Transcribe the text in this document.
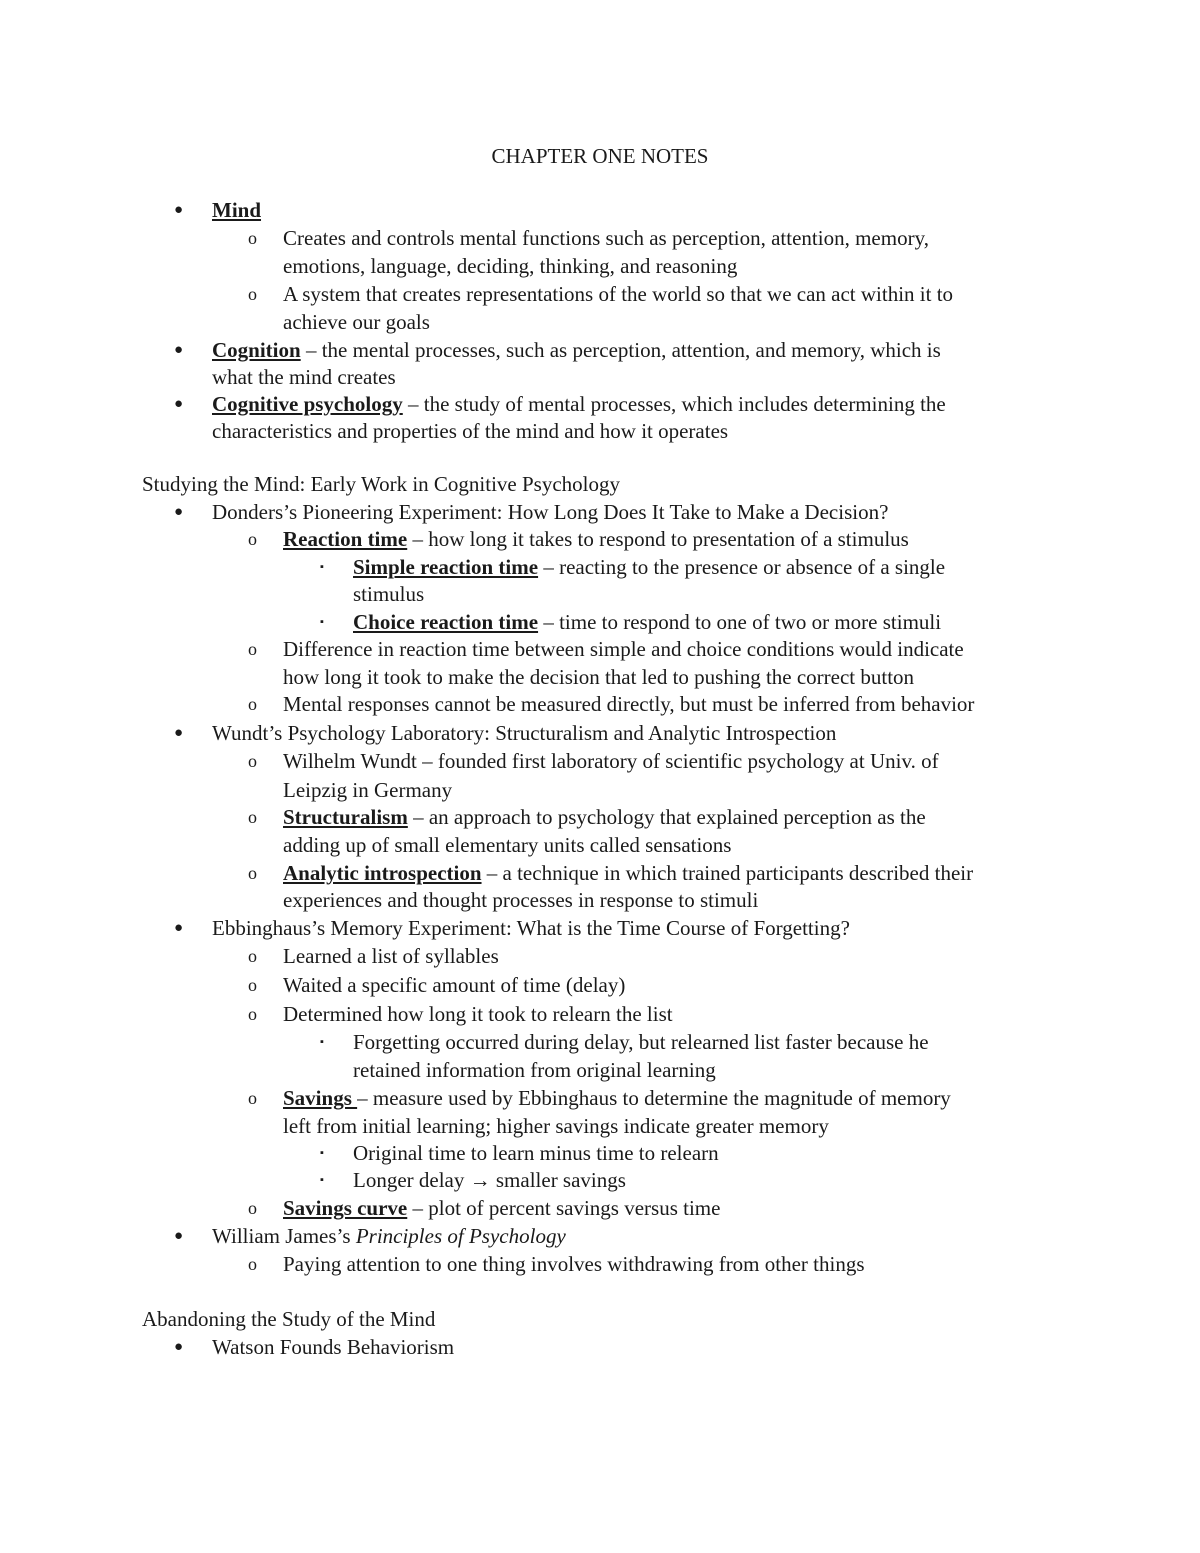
CHAPTER ONE NOTES
● Mind
o Creates and controls mental functions such as perception, attention, memory,
emotions, language, deciding, thinking, and reasoning
o A system that creates representations of the world so that we can act within it to
achieve our goals
● Cognition – the mental processes, such as perception, attention, and memory, which is
what the mind creates
● Cognitive psychology – the study of mental processes, which includes determining the
characteristics and properties of the mind and how it operates
Studying the Mind: Early Work in Cognitive Psychology
● Donders’s Pioneering Experiment: How Long Does It Take to Make a Decision?
o Reaction time – how long it takes to respond to presentation of a stimulus
▪ Simple reaction time – reacting to the presence or absence of a single
stimulus
▪ Choice reaction time – time to respond to one of two or more stimuli
o Difference in reaction time between simple and choice conditions would indicate
how long it took to make the decision that led to pushing the correct button
o Mental responses cannot be measured directly, but must be inferred from behavior
● Wundt’s Psychology Laboratory: Structuralism and Analytic Introspection
o Wilhelm Wundt – founded first laboratory of scientific psychology at Univ. of
Leipzig in Germany
o Structuralism – an approach to psychology that explained perception as the
adding up of small elementary units called sensations
o Analytic introspection – a technique in which trained participants described their
experiences and thought processes in response to stimuli
● Ebbinghaus’s Memory Experiment: What is the Time Course of Forgetting?
o Learned a list of syllables
o Waited a specific amount of time (delay)
o Determined how long it took to relearn the list
▪ Forgetting occurred during delay, but relearned list faster because he
retained information from original learning
o Savings – measure used by Ebbinghaus to determine the magnitude of memory
left from initial learning; higher savings indicate greater memory
▪ Original time to learn minus time to relearn
▪ Longer delay → smaller savings
o Savings curve – plot of percent savings versus time
● William James’s Principles of Psychology
o Paying attention to one thing involves withdrawing from other things
Abandoning the Study of the Mind
● Watson Founds Behaviorism
